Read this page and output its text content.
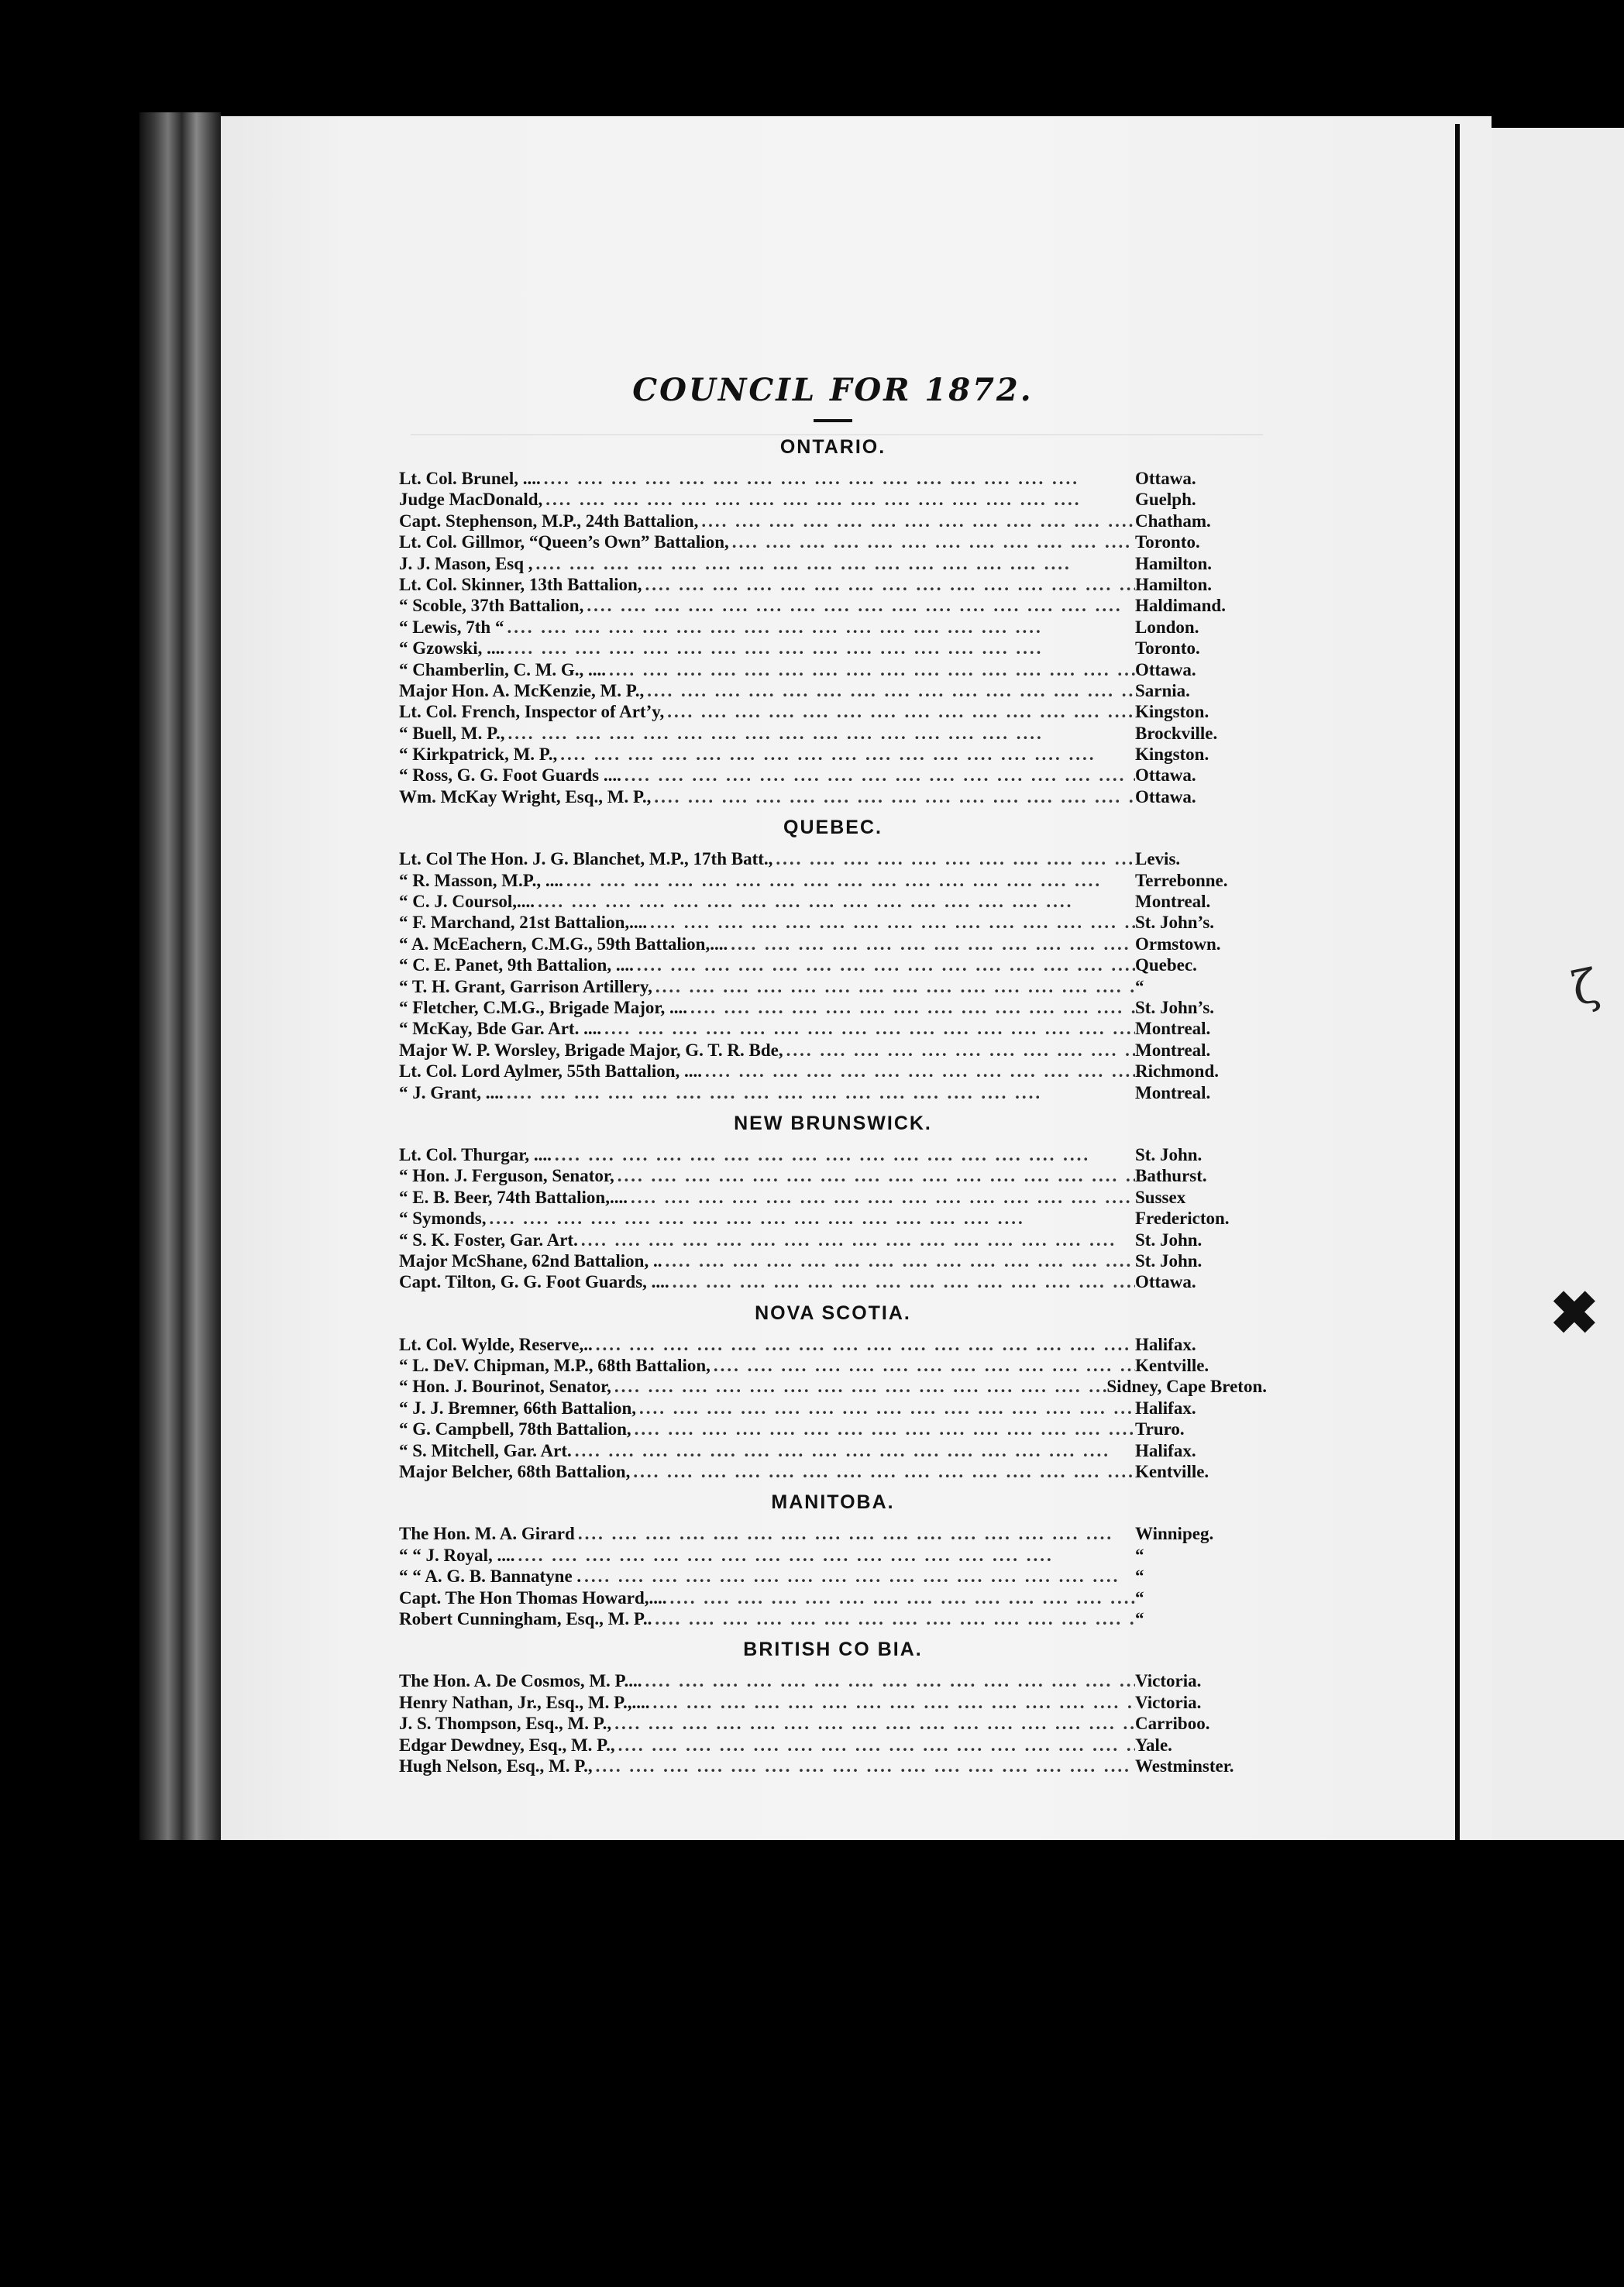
ζ
✖
COUNCIL FOR 1872.
ONTARIO.
Lt. Col. Brunel, .... ....	Ottawa.
Judge MacDonald, ....	Guelph.
Capt. Stephenson, M.P., 24th Battalion, ....	Chatham.
Lt. Col. Gillmor, “Queen’s Own” Battalion, ....	Toronto.
J. J. Mason, Esq , ....	Hamilton.
Lt. Col. Skinner, 13th Battalion, ....	Hamilton.
“ Scoble, 37th Battalion, ....	Haldimand.
“ Lewis, 7th “ ....	London.
“ Gzowski, .... ....	Toronto.
“ Chamberlin, C. M. G., .... ....	Ottawa.
Major Hon. A. McKenzie, M. P., ....	Sarnia.
Lt. Col. French, Inspector of Art’y, ....	Kingston.
“ Buell, M. P., ....	Brockville.
“ Kirkpatrick, M. P., ....	Kingston.
“ Ross, G. G. Foot Guards .... ....	Ottawa.
Wm. McKay Wright, Esq., M. P., ....	Ottawa.
QUEBEC.
Lt. Col The Hon. J. G. Blanchet, M.P., 17th Batt., ....	Levis.
“ R. Masson, M.P., .... ....	Terrebonne.
“ C. J. Coursol,.... ....	Montreal.
“ F. Marchand, 21st Battalion,.... ....	St. John’s.
“ A. McEachern, C.M.G., 59th Battalion,.... ....	Ormstown.
“ C. E. Panet, 9th Battalion, .... ....	Quebec.
“ T. H. Grant, Garrison Artillery, ....	“
“ Fletcher, C.M.G., Brigade Major, .... ....	St. John’s.
“ McKay, Bde Gar. Art. .... ....	Montreal.
Major W. P. Worsley, Brigade Major, G. T. R. Bde, ....	Montreal.
Lt. Col. Lord Aylmer, 55th Battalion, .... ....	Richmond.
“ J. Grant, .... ....	Montreal.
NEW BRUNSWICK.
Lt. Col. Thurgar, .... ....	St. John.
“ Hon. J. Ferguson, Senator, ....	Bathurst.
“ E. B. Beer, 74th Battalion,.... ....	Sussex
“ Symonds, ....	Fredericton.
“ S. K. Foster, Gar. Art. ....	St. John.
Major McShane, 62nd Battalion, .. ....	St. John.
Capt. Tilton, G. G. Foot Guards, .... ....	Ottawa.
NOVA SCOTIA.
Lt. Col. Wylde, Reserve,.. ....	Halifax.
“ L. DeV. Chipman, M.P., 68th Battalion, ....	Kentville.
“ Hon. J. Bourinot, Senator, ....	Sidney, Cape Breton.
“ J. J. Bremner, 66th Battalion, ....	Halifax.
“ G. Campbell, 78th Battalion, ....	Truro.
“ S. Mitchell, Gar. Art. ....	Halifax.
Major Belcher, 68th Battalion, ....	Kentville.
MANITOBA.
The Hon. M. A. Girard ....	Winnipeg.
“ “ J. Royal, .... ....	“
“ “ A. G. B. Bannatyne . ....	“
Capt. The Hon Thomas Howard,.... ....	“
Robert Cunningham, Esq., M. P.. ....	“
BRITISH CO BIA.
The Hon. A. De Cosmos, M. P.... ....	Victoria.
Henry Nathan, Jr., Esq., M. P.,.... ....	Victoria.
J. S. Thompson, Esq., M. P., ....	Carriboo.
Edgar Dewdney, Esq., M. P., ....	Yale.
Hugh Nelson, Esq., M. P., ....	Westminster.
